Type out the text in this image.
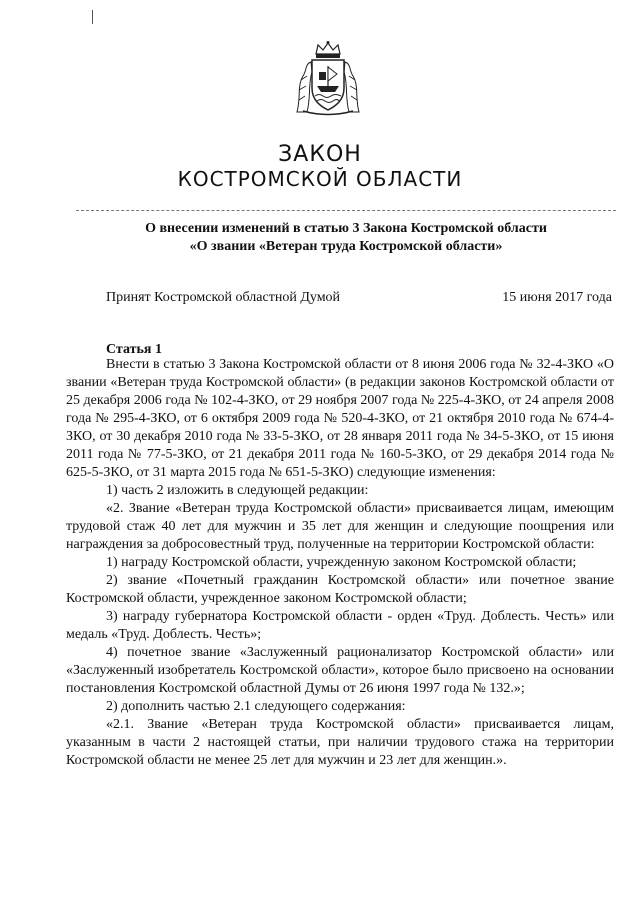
ЗАКОН
КОСТРОМСКОЙ ОБЛАСТИ
О внесении изменений в статью 3 Закона Костромской области
«О звании «Ветеран труда Костромской области»
Принят Костромской областной Думой	15 июня 2017 года
Статья 1

Внести в статью 3 Закона Костромской области от 8 июня 2006 года № 32-4-ЗКО «О звании «Ветеран труда Костромской области» (в редакции законов Костромской области от 25 декабря 2006 года № 102-4-ЗКО, от 29 ноября 2007 года № 225-4-ЗКО, от 24 апреля 2008 года № 295-4-ЗКО, от 6 октября 2009 года № 520-4-ЗКО, от 21 октября 2010 года № 674-4-ЗКО, от 30 декабря 2010 года № 33-5-ЗКО, от 28 января 2011 года № 34-5-ЗКО, от 15 июня 2011 года № 77-5-ЗКО, от 21 декабря 2011 года № 160-5-ЗКО, от 29 декабря 2014 года № 625-5-ЗКО, от 31 марта 2015 года № 651-5-ЗКО) следующие изменения:

1) часть 2 изложить в следующей редакции:

«2. Звание «Ветеран труда Костромской области» присваивается лицам, имеющим трудовой стаж 40 лет для мужчин и 35 лет для женщин и следующие поощрения или награждения за добросовестный труд, полученные на территории Костромской области:

1) награду Костромской области, учрежденную законом Костромской области;

2) звание «Почетный гражданин Костромской области» или почетное звание Костромской области, учрежденное законом Костромской области;

3) награду губернатора Костромской области - орден «Труд. Доблесть. Честь» или медаль «Труд. Доблесть. Честь»;

4) почетное звание «Заслуженный рационализатор Костромской области» или «Заслуженный изобретатель Костромской области», которое было присвоено на основании постановления Костромской областной Думы от 26 июня 1997 года № 132.»;

2) дополнить частью 2.1 следующего содержания:

«2.1. Звание «Ветеран труда Костромской области» присваивается лицам, указанным в части 2 настоящей статьи, при наличии трудового стажа на территории Костромской области не менее 25 лет для мужчин и 23 лет для женщин.».
